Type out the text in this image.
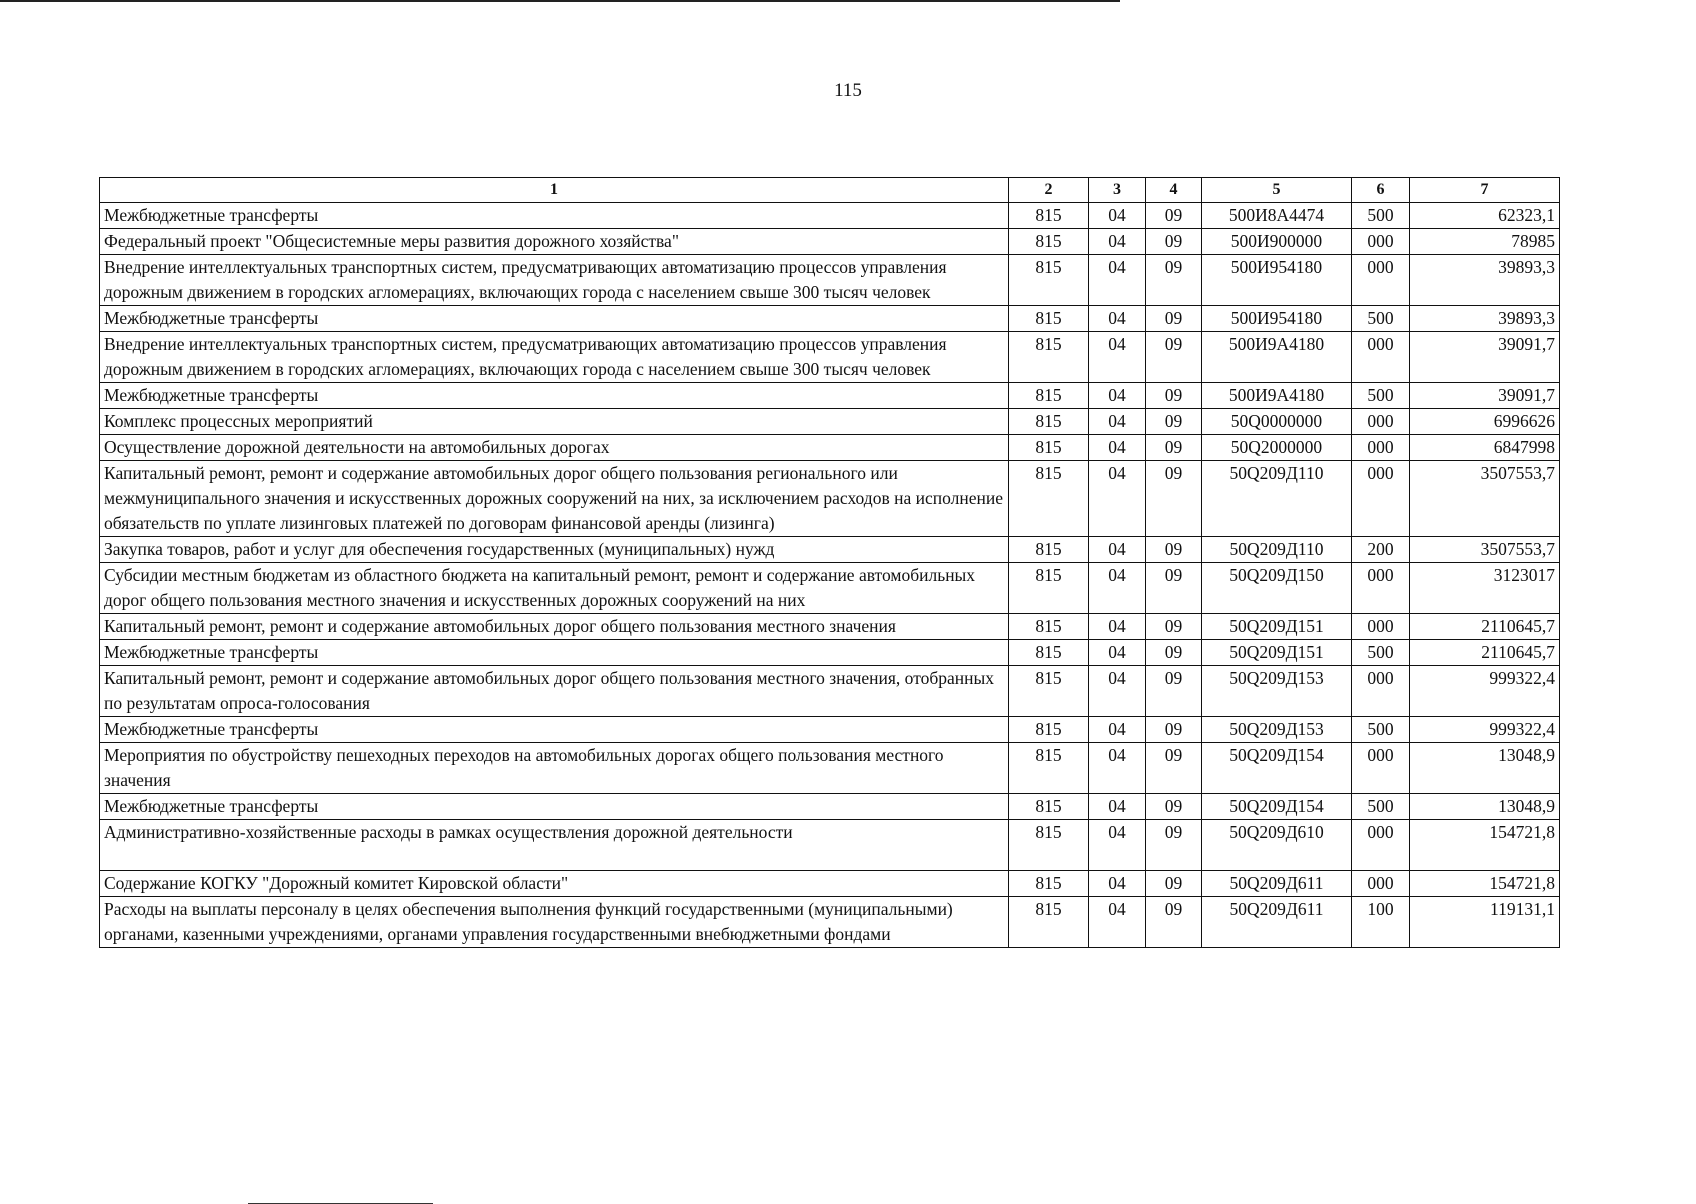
115
1	2	3	4	5	6	7
Межбюджетные трансферты	815	04	09	500И8А4474	500	62323,1
Федеральный проект "Общесистемные меры развития дорожного хозяйства"	815	04	09	500И900000	000	78985
Внедрение интеллектуальных транспортных систем, предусматривающих автоматизацию процессов управления дорожным движением в городских агломерациях, включающих города с населением свыше 300 тысяч человек	815	04	09	500И954180	000	39893,3
Межбюджетные трансферты	815	04	09	500И954180	500	39893,3
Внедрение интеллектуальных транспортных систем, предусматривающих автоматизацию процессов управления дорожным движением в городских агломерациях, включающих города с населением свыше 300 тысяч человек	815	04	09	500И9А4180	000	39091,7
Межбюджетные трансферты	815	04	09	500И9А4180	500	39091,7
Комплекс процессных мероприятий	815	04	09	50Q0000000	000	6996626
Осуществление дорожной деятельности на автомобильных дорогах	815	04	09	50Q2000000	000	6847998
Капитальный ремонт, ремонт и содержание автомобильных дорог общего пользования регионального или межмуниципального значения и искусственных дорожных сооружений на них, за исключением расходов на исполнение обязательств по уплате лизинговых платежей по договорам финансовой аренды (лизинга)	815	04	09	50Q209Д110	000	3507553,7
Закупка товаров, работ и услуг для обеспечения государственных (муниципальных) нужд	815	04	09	50Q209Д110	200	3507553,7
Субсидии местным бюджетам из областного бюджета на капитальный ремонт, ремонт и содержание автомобильных дорог общего пользования местного значения и искусственных дорожных сооружений на них	815	04	09	50Q209Д150	000	3123017
Капитальный ремонт, ремонт и содержание автомобильных дорог общего пользования местного значения	815	04	09	50Q209Д151	000	2110645,7
Межбюджетные трансферты	815	04	09	50Q209Д151	500	2110645,7
Капитальный ремонт, ремонт и содержание автомобильных дорог общего пользования местного значения, отобранных по результатам опроса-голосования	815	04	09	50Q209Д153	000	999322,4
Межбюджетные трансферты	815	04	09	50Q209Д153	500	999322,4
Мероприятия по обустройству пешеходных переходов на автомобильных дорогах общего пользования местного значения	815	04	09	50Q209Д154	000	13048,9
Межбюджетные трансферты	815	04	09	50Q209Д154	500	13048,9
Административно-хозяйственные расходы в рамках осуществления дорожной деятельности	815	04	09	50Q209Д610	000	154721,8
Содержание КОГКУ "Дорожный комитет Кировской области"	815	04	09	50Q209Д611	000	154721,8
Расходы на выплаты персоналу в целях обеспечения выполнения функций государственными (муниципальными) органами, казенными учреждениями, органами управления государственными внебюджетными фондами	815	04	09	50Q209Д611	100	119131,1
